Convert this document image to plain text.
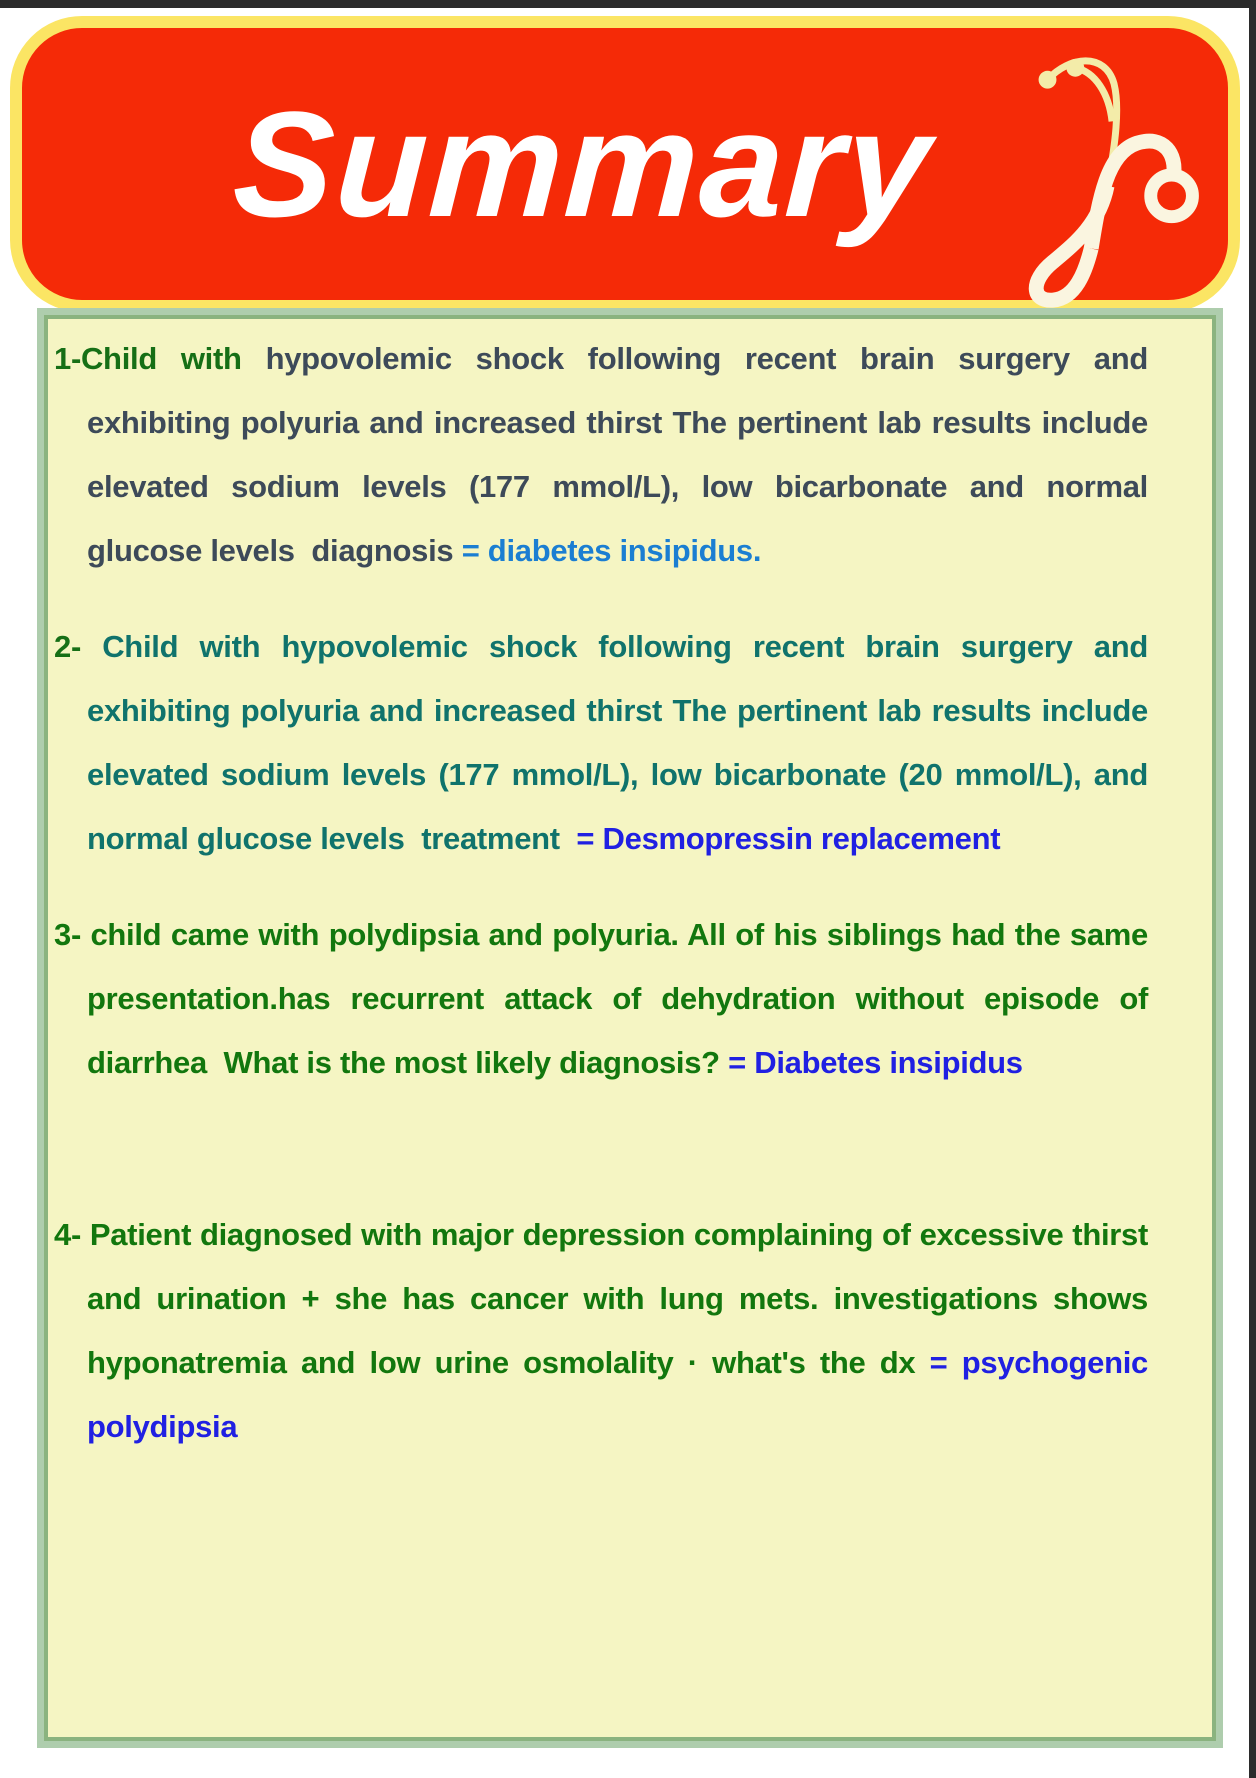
Summary

1-Child with hypovolemic shock following recent brain surgery and exhibiting polyuria and increased thirst The pertinent lab results include elevated sodium levels (177 mmol/L), low bicarbonate and normal glucose levels  diagnosis = diabetes insipidus.

2- Child with hypovolemic shock following recent brain surgery and exhibiting polyuria and increased thirst The pertinent lab results include elevated sodium levels (177 mmol/L), low bicarbonate (20 mmol/L), and normal glucose levels  treatment  = Desmopressin replacement

3- child came with polydipsia and polyuria. All of his siblings had the same presentation.has recurrent attack of dehydration without episode of diarrhea  What is the most likely diagnosis? = Diabetes insipidus

4- Patient diagnosed with major depression complaining of excessive thirst and urination + she has cancer with lung mets. investigations shows hyponatremia and low urine osmolality · what's the dx = psychogenic polydipsia
